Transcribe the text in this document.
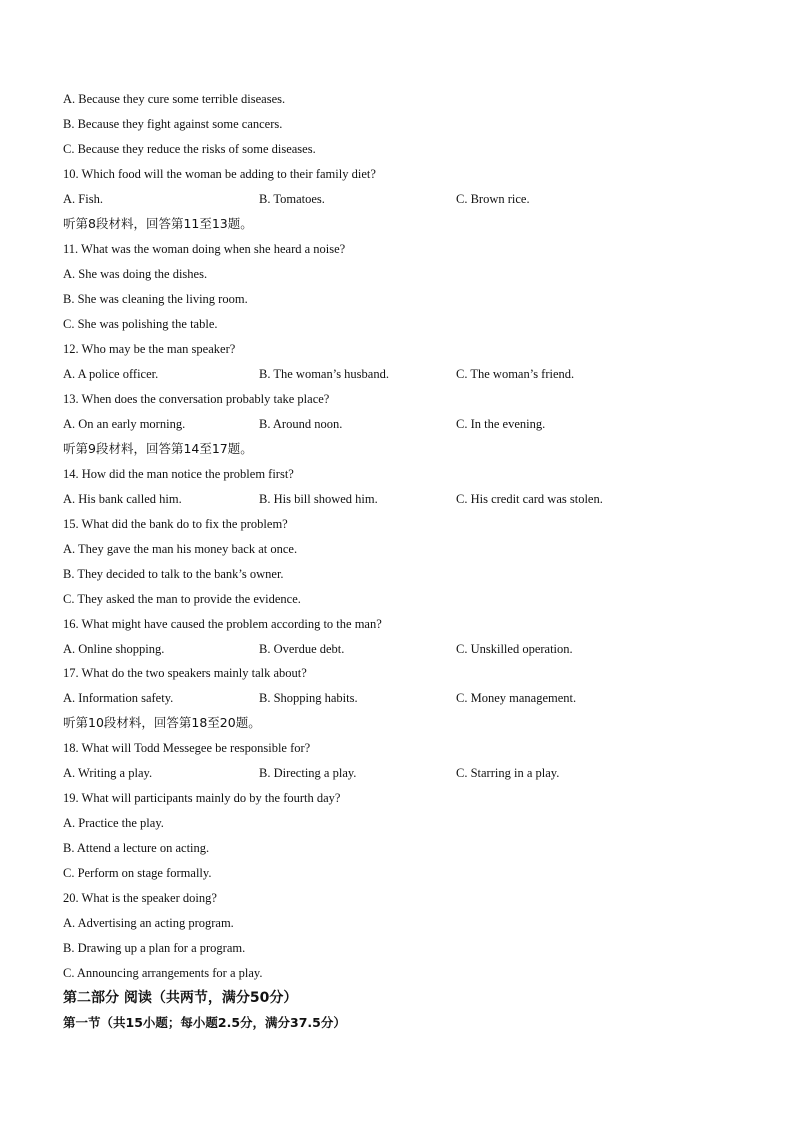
A. Because they cure some terrible diseases.
B. Because they fight against some cancers.
C. Because they reduce the risks of some diseases.
10. Which food will the woman be adding to their family diet?
A. Fish.	B. Tomatoes.	C. Brown rice.
听第8段材料，回答第11至13题。
11. What was the woman doing when she heard a noise?
A. She was doing the dishes.
B. She was cleaning the living room.
C. She was polishing the table.
12. Who may be the man speaker?
A. A police officer.	B. The woman’s husband.	C. The woman’s friend.
13. When does the conversation probably take place?
A. On an early morning.	B. Around noon.	C. In the evening.
听第9段材料，回答第14至17题。
14. How did the man notice the problem first?
A. His bank called him.	B. His bill showed him.	C. His credit card was stolen.
15. What did the bank do to fix the problem?
A. They gave the man his money back at once.
B. They decided to talk to the bank’s owner.
C. They asked the man to provide the evidence.
16. What might have caused the problem according to the man?
A. Online shopping.	B. Overdue debt.	C. Unskilled operation.
17. What do the two speakers mainly talk about?
A. Information safety.	B. Shopping habits.	C. Money management.
听第10段材料，回答第18至20题。
18. What will Todd Messegee be responsible for?
A. Writing a play.	B. Directing a play.	C. Starring in a play.
19. What will participants mainly do by the fourth day?
A. Practice the play.
B. Attend a lecture on acting.
C. Perform on stage formally.
20. What is the speaker doing?
A. Advertising an acting program.
B. Drawing up a plan for a program.
C. Announcing arrangements for a play.
第二部分 阅读（共两节，满分50分）
第一节（共15小题；每小题2.5分，满分37.5分）
